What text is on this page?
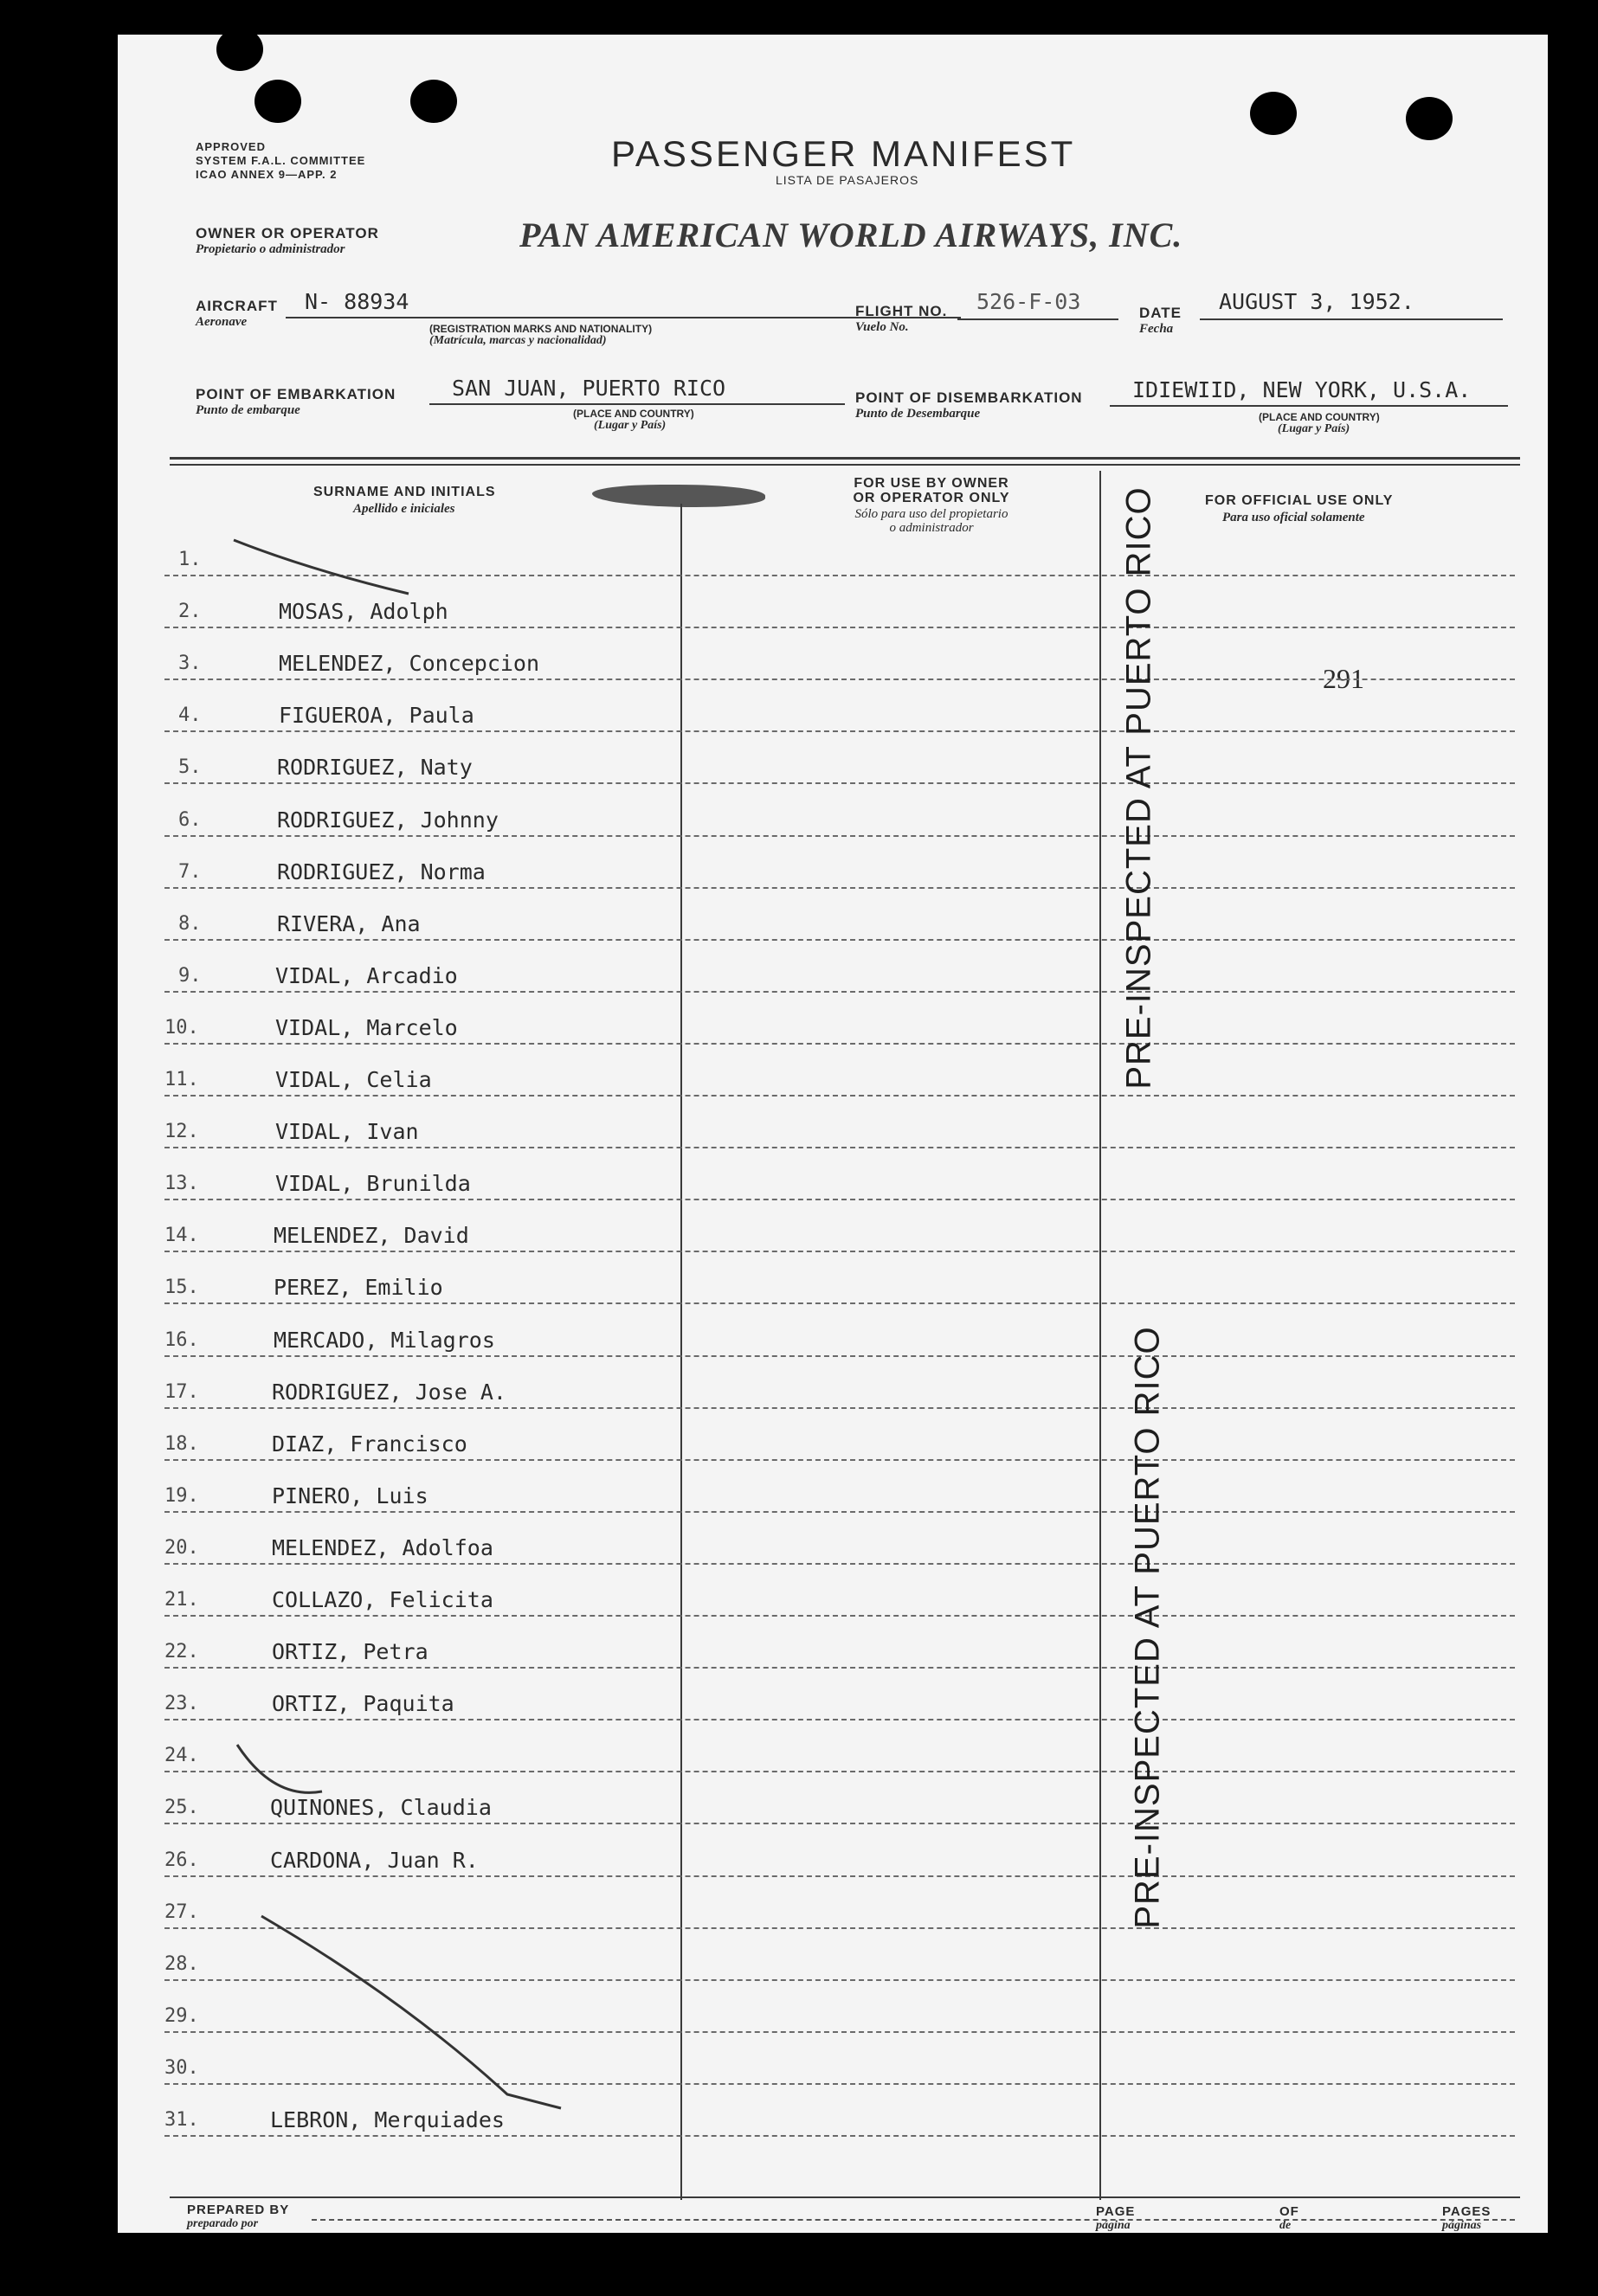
APPROVED
SYSTEM F.A.L. COMMITTEE
ICAO ANNEX 9—APP. 2
PASSENGER MANIFEST
LISTA DE PASAJEROS
OWNER OR OPERATOR
Propietario o administrador	PAN AMERICAN WORLD AIRWAYS, INC.
AIRCRAFT
Aeronave
N- 88934
(REGISTRATION MARKS AND NATIONALITY)
(Matrícula, marcas y nacionalidad)
FLIGHT NO.
Vuelo No.
526-F-03	DATE
Fecha
AUGUST 3, 1952.
POINT OF EMBARKATION
Punto de embarque
SAN JUAN, PUERTO RICO
(PLACE AND COUNTRY)
(Lugar y País)
POINT OF DISEMBARKATION
Punto de Desembarque
IDIEWIID, NEW YORK, U.S.A.
(PLACE AND COUNTRY)
(Lugar y País)
SURNAME AND INITIALS
Apellido e iniciales
FOR USE BY OWNER
OR OPERATOR ONLY
Sólo para uso del propietario
o administrador
FOR OFFICIAL USE ONLY
Para uso oficial solamente
291
1.
2.	MOSAS, Adolph
3.	MELENDEZ, Concepcion
4.	FIGUEROA, Paula
5.	RODRIGUEZ, Naty
6.	RODRIGUEZ, Johnny
7.	RODRIGUEZ, Norma
8.	RIVERA, Ana
9.	VIDAL, Arcadio
10.	VIDAL, Marcelo
11.	VIDAL, Celia
12.	VIDAL, Ivan
13.	VIDAL, Brunilda
14.	MELENDEZ, David
15.	PEREZ, Emilio
16.	MERCADO, Milagros
17.	RODRIGUEZ, Jose A.
18.	DIAZ, Francisco
19.	PINERO, Luis
20.	MELENDEZ, Adolfoa
21.	COLLAZO, Felicita
22.	ORTIZ, Petra
23.	ORTIZ, Paquita
24.
25.	QUINONES, Claudia
26.	CARDONA, Juan R.
27.
28.
29.
30.
31.	LEBRON, Merquiades
PRE-INSPECTED AT PUERTO RICO
PRE-INSPECTED AT PUERTO RICO
PREPARED BY
preparado por
PAGE
página
OF
de
PAGES
páginas
